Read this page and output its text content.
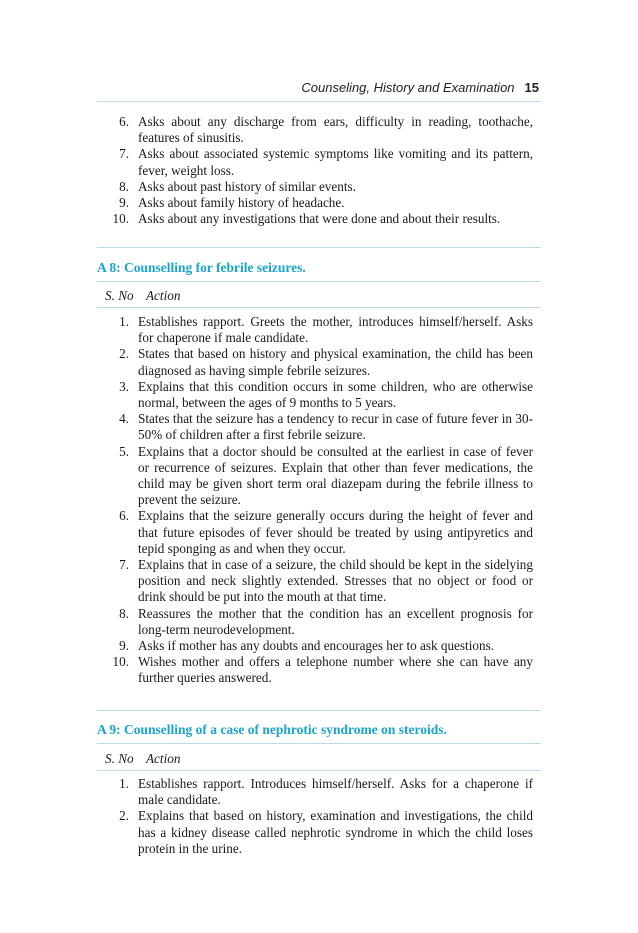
Counseling, History and Examination 15
6. Asks about any discharge from ears, difficulty in reading, toothache, features of sinusitis.
7. Asks about associated systemic symptoms like vomiting and its pattern, fever, weight loss.
8. Asks about past history of similar events.
9. Asks about family history of headache.
10. Asks about any investigations that were done and about their results.
A 8: Counselling for febrile seizures.
S. No Action
1. Establishes rapport. Greets the mother, introduces himself/herself. Asks for chaperone if male candidate.
2. States that based on history and physical examination, the child has been diagnosed as having simple febrile seizures.
3. Explains that this condition occurs in some children, who are otherwise normal, between the ages of 9 months to 5 years.
4. States that the seizure has a tendency to recur in case of future fever in 30-50% of children after a first febrile seizure.
5. Explains that a doctor should be consulted at the earliest in case of fever or recurrence of seizures. Explain that other than fever medications, the child may be given short term oral diazepam during the febrile illness to prevent the seizure.
6. Explains that the seizure generally occurs during the height of fever and that future episodes of fever should be treated by using antipyretics and tepid sponging as and when they occur.
7. Explains that in case of a seizure, the child should be kept in the sidelying position and neck slightly extended. Stresses that no object or food or drink should be put into the mouth at that time.
8. Reassures the mother that the condition has an excellent prognosis for long-term neurodevelopment.
9. Asks if mother has any doubts and encourages her to ask questions.
10. Wishes mother and offers a telephone number where she can have any further queries answered.
A 9: Counselling of a case of nephrotic syndrome on steroids.
S. No Action
1. Establishes rapport. Introduces himself/herself. Asks for a chaperone if male candidate.
2. Explains that based on history, examination and investigations, the child has a kidney disease called nephrotic syndrome in which the child loses protein in the urine.
